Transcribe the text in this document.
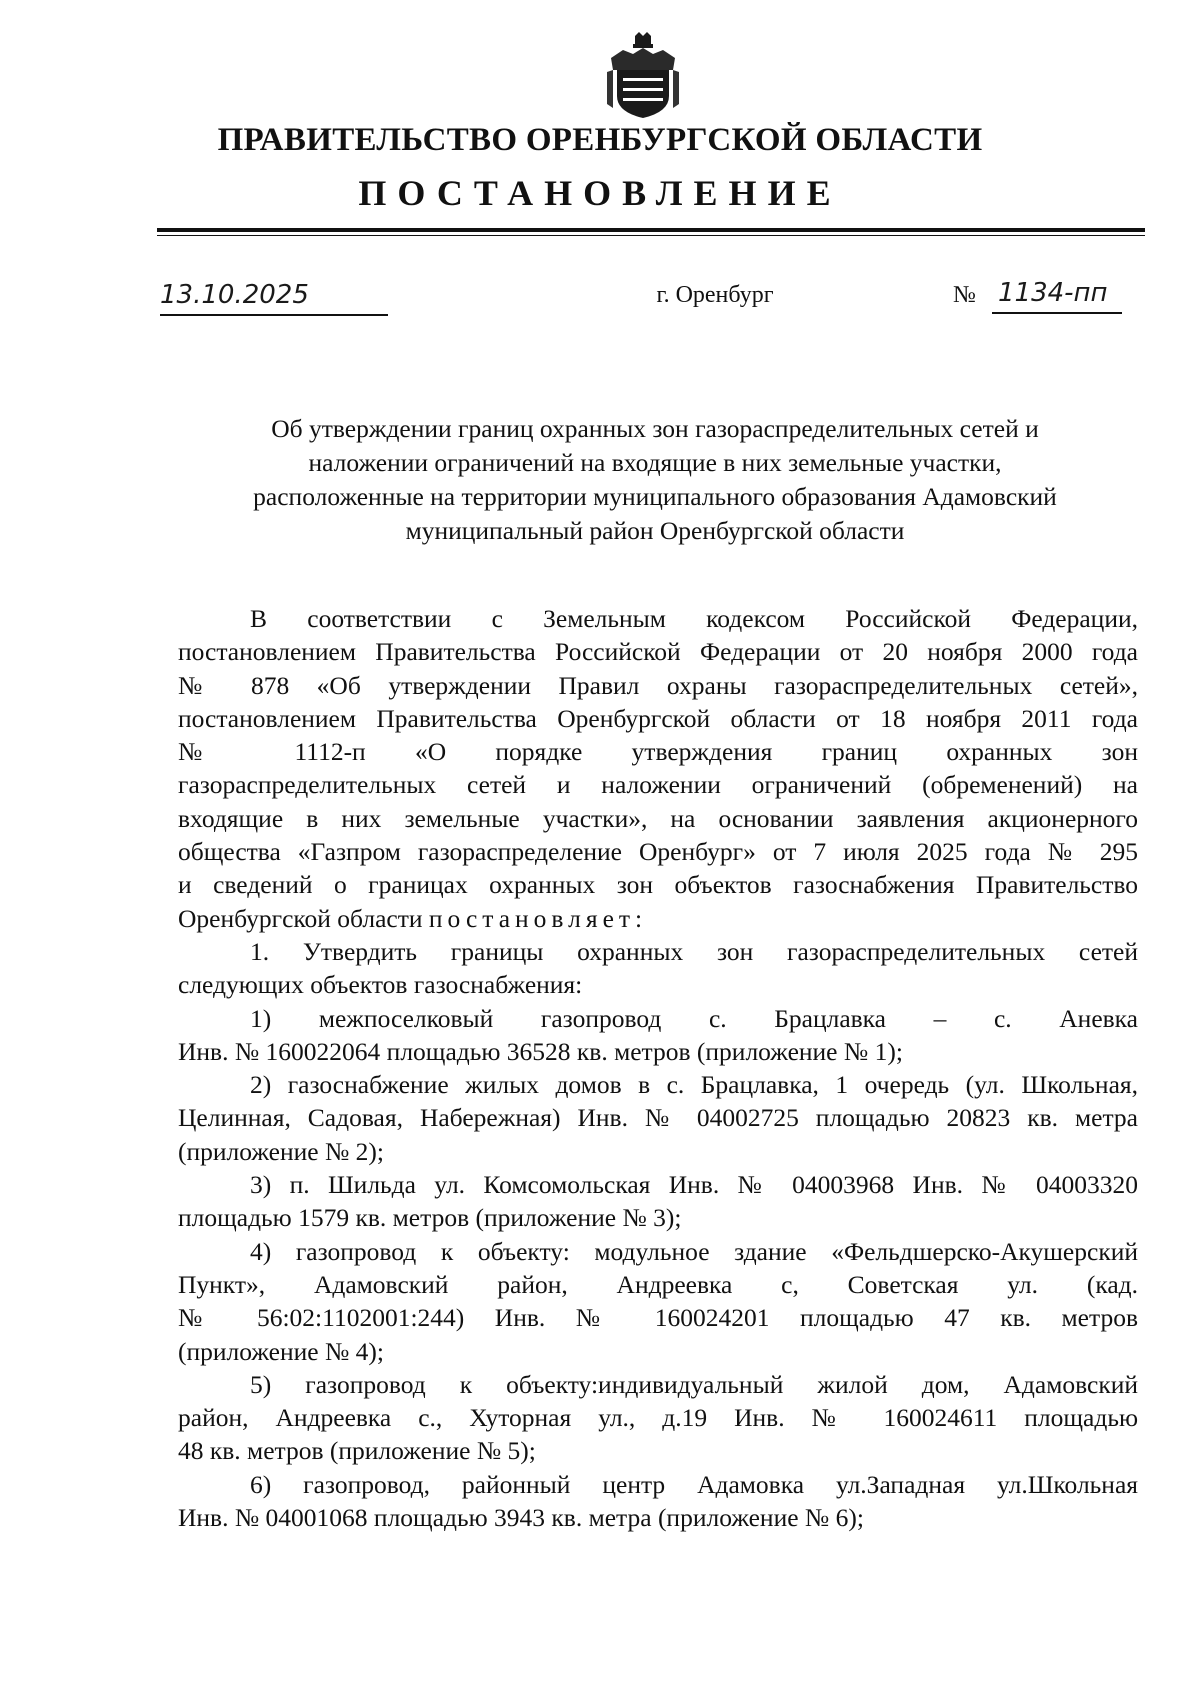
ПРАВИТЕЛЬСТВО ОРЕНБУРГСКОЙ ОБЛАСТИ
ПОСТАНОВЛЕНИЕ
13.10.2025	г. Оренбург	№ 1134-пп
Об утверждении границ охранных зон газораспределительных сетей и
наложении ограничений на входящие в них земельные участки,
расположенные на территории муниципального образования Адамовский
муниципальный район Оренбургской области

В соответствии с Земельным кодексом Российской Федерации,

постановлением Правительства Российской Федерации от 20 ноября 2000 года

№ 878 «Об утверждении Правил охраны газораспределительных сетей»,

постановлением Правительства Оренбургской области от 18 ноября 2011 года

№ 1112-п «О порядке утверждения границ охранных зон

газораспределительных сетей и наложении ограничений (обременений) на

входящие в них земельные участки», на основании заявления акционерного

общества «Газпром газораспределение Оренбург» от 7 июля 2025 года № 295

и сведений о границах охранных зон объектов газоснабжения Правительство

Оренбургской области постановляет:

1. Утвердить границы охранных зон газораспределительных сетей

следующих объектов газоснабжения:

1) межпоселковый газопровод с. Брацлавка – с. Аневка

Инв. № 160022064 площадью 36528 кв. метров (приложение № 1);

2) газоснабжение жилых домов в с. Брацлавка, 1 очередь (ул. Школьная,

Целинная, Садовая, Набережная) Инв. № 04002725 площадью 20823 кв. метра

(приложение № 2);

3) п. Шильда ул. Комсомольская Инв. № 04003968 Инв. № 04003320

площадью 1579 кв. метров (приложение № 3);

4) газопровод к объекту: модульное здание «Фельдшерско-Акушерский

Пункт», Адамовский район, Андреевка с, Советская ул. (кад.

№ 56:02:1102001:244) Инв. № 160024201 площадью 47 кв. метров

(приложение № 4);

5) газопровод к объекту:индивидуальный жилой дом, Адамовский

район, Андреевка с., Хуторная ул., д.19 Инв. № 160024611 площадью

48 кв. метров (приложение № 5);

6) газопровод, районный центр Адамовка ул.Западная ул.Школьная

Инв. № 04001068 площадью 3943 кв. метра (приложение № 6);
